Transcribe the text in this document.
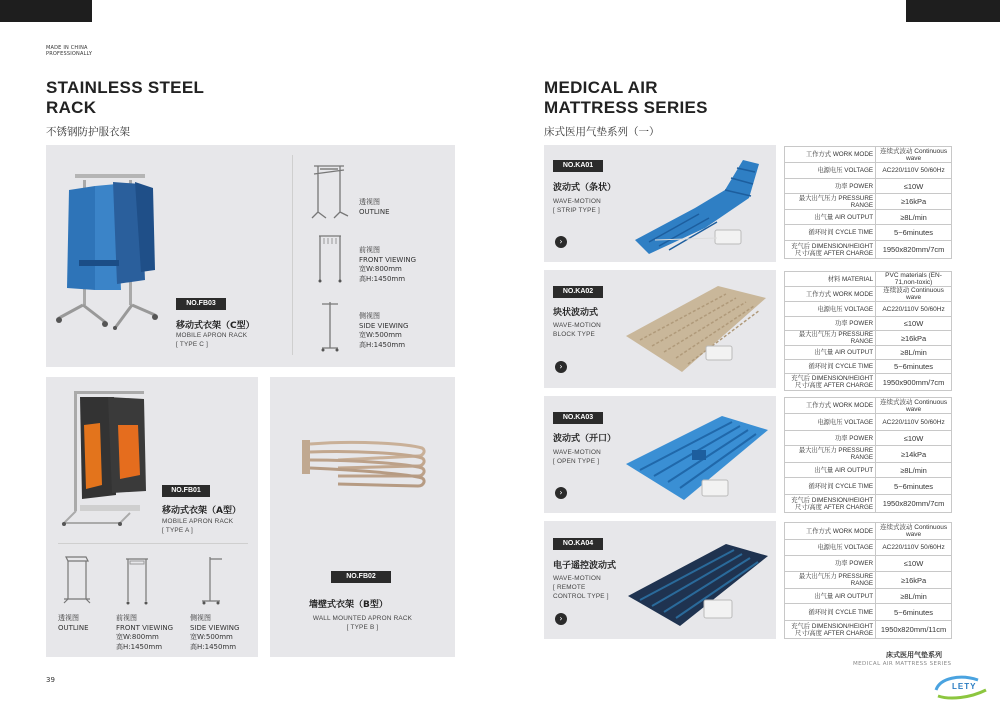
MADE IN CHINA
PROFESSIONALLY
STAINLESS STEEL
RACK
不锈钢防护服衣架
NO.FB03
移动式衣架（C型）
MOBILE APRON RACK
[ TYPE C ]
透视图
OUTLINE
前视图
FRONT VIEWING
宽W:800mm
高H:1450mm
侧视图
SIDE VIEWING
宽W:500mm
高H:1450mm
NO.FB01
移动式衣架（A型）
MOBILE APRON RACK
[ TYPE A ]
透视图
OUTLINE
前视图
FRONT VIEWING
宽W:800mm
高H:1450mm
侧视图
SIDE VIEWING
宽W:500mm
高H:1450mm
NO.FB02
墙壁式衣架（B型）
WALL MOUNTED APRON RACK
[ TYPE B ]
39
MEDICAL AIR
MATTRESS SERIES
床式医用气垫系列（一）
NO.KA01
波动式（条状）
WAVE-MOTION
[ STRIP TYPE ]
›
工作方式 WORK MODE	连续式波动 Continuous wave
电源电压 VOLTAGE	AC220/110V 50/60Hz
功率 POWER	≤10W
最大出气压力 PRESSURE RANGE	≥16kPa
出气量 AIR OUTPUT	≥8L/min
循环时间 CYCLE TIME	5~6minutes
充气后 DIMENSION/HEIGHT 尺寸/高度 AFTER CHARGE	1950x820mm/7cm
NO.KA02
块状波动式
WAVE-MOTION
BLOCK TYPE
›
材料 MATERIAL	PVC materials (EN-71,non-toxic)
工作方式 WORK MODE	连续波动 Continuous wave
电源电压 VOLTAGE	AC220/110V 50/60Hz
功率 POWER	≤10W
最大出气压力 PRESSURE RANGE	≥16kPa
出气量 AIR OUTPUT	≥8L/min
循环时间 CYCLE TIME	5~6minutes
充气后 DIMENSION/HEIGHT 尺寸/高度 AFTER CHARGE	1950x900mm/7cm
NO.KA03
波动式（开口）
WAVE-MOTION
[ OPEN TYPE ]
›
工作方式 WORK MODE	连续式波动 Continuous wave
电源电压 VOLTAGE	AC220/110V 50/60Hz
功率 POWER	≤10W
最大出气压力 PRESSURE RANGE	≥14kPa
出气量 AIR OUTPUT	≥8L/min
循环时间 CYCLE TIME	5~6minutes
充气后 DIMENSION/HEIGHT 尺寸/高度 AFTER CHARGE	1950x820mm/7cm
NO.KA04
电子遥控波动式
WAVE-MOTION
[ REMOTE
CONTROL TYPE ]
›
工作方式 WORK MODE	连续式波动 Continuous wave
电源电压 VOLTAGE	AC220/110V 50/60Hz
功率 POWER	≤10W
最大出气压力 PRESSURE RANGE	≥16kPa
出气量 AIR OUTPUT	≥8L/min
循环时间 CYCLE TIME	5~6minutes
充气后 DIMENSION/HEIGHT 尺寸/高度 AFTER CHARGE	1950x820mm/11cm
床式医用气垫系列
MEDICAL AIR MATTRESS SERIES
LETY
